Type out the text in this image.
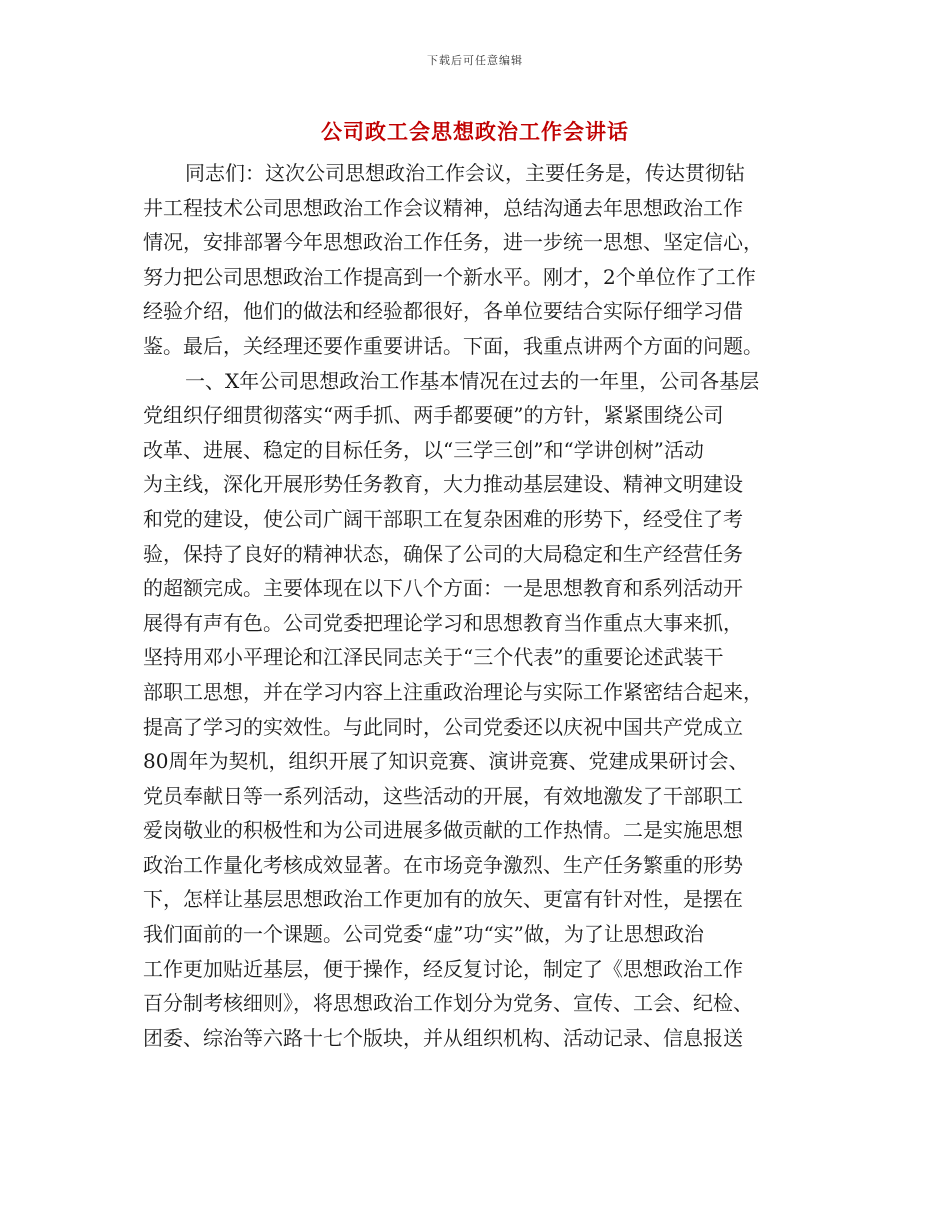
下载后可任意编辑
公司政工会思想政治工作会讲话
同志们：这次公司思想政治工作会议，主要任务是，传达贯彻钻
井工程技术公司思想政治工作会议精神，总结沟通去年思想政治工作
情况，安排部署今年思想政治工作任务，进一步统一思想、坚定信心，
努力把公司思想政治工作提高到一个新水平。刚才，2个单位作了工作
经验介绍，他们的做法和经验都很好，各单位要结合实际仔细学习借
鉴。最后，关经理还要作重要讲话。下面，我重点讲两个方面的问题。
一、X年公司思想政治工作基本情况在过去的一年里，公司各基层
党组织仔细贯彻落实“两手抓、两手都要硬”的方针，紧紧围绕公司
改革、进展、稳定的目标任务，以“三学三创”和“学讲创树”活动
为主线，深化开展形势任务教育，大力推动基层建设、精神文明建设
和党的建设，使公司广阔干部职工在复杂困难的形势下，经受住了考
验，保持了良好的精神状态，确保了公司的大局稳定和生产经营任务
的超额完成。主要体现在以下八个方面：一是思想教育和系列活动开
展得有声有色。公司党委把理论学习和思想教育当作重点大事来抓，
坚持用邓小平理论和江泽民同志关于“三个代表”的重要论述武装干
部职工思想，并在学习内容上注重政治理论与实际工作紧密结合起来，
提高了学习的实效性。与此同时，公司党委还以庆祝中国共产党成立
80周年为契机，组织开展了知识竞赛、演讲竞赛、党建成果研讨会、
党员奉献日等一系列活动，这些活动的开展，有效地激发了干部职工
爱岗敬业的积极性和为公司进展多做贡献的工作热情。二是实施思想
政治工作量化考核成效显著。在市场竞争激烈、生产任务繁重的形势
下，怎样让基层思想政治工作更加有的放矢、更富有针对性，是摆在
我们面前的一个课题。公司党委“虚”功“实”做，为了让思想政治
工作更加贴近基层，便于操作，经反复讨论，制定了《思想政治工作
百分制考核细则》，将思想政治工作划分为党务、宣传、工会、纪检、
团委、综治等六路十七个版块，并从组织机构、活动记录、信息报送
